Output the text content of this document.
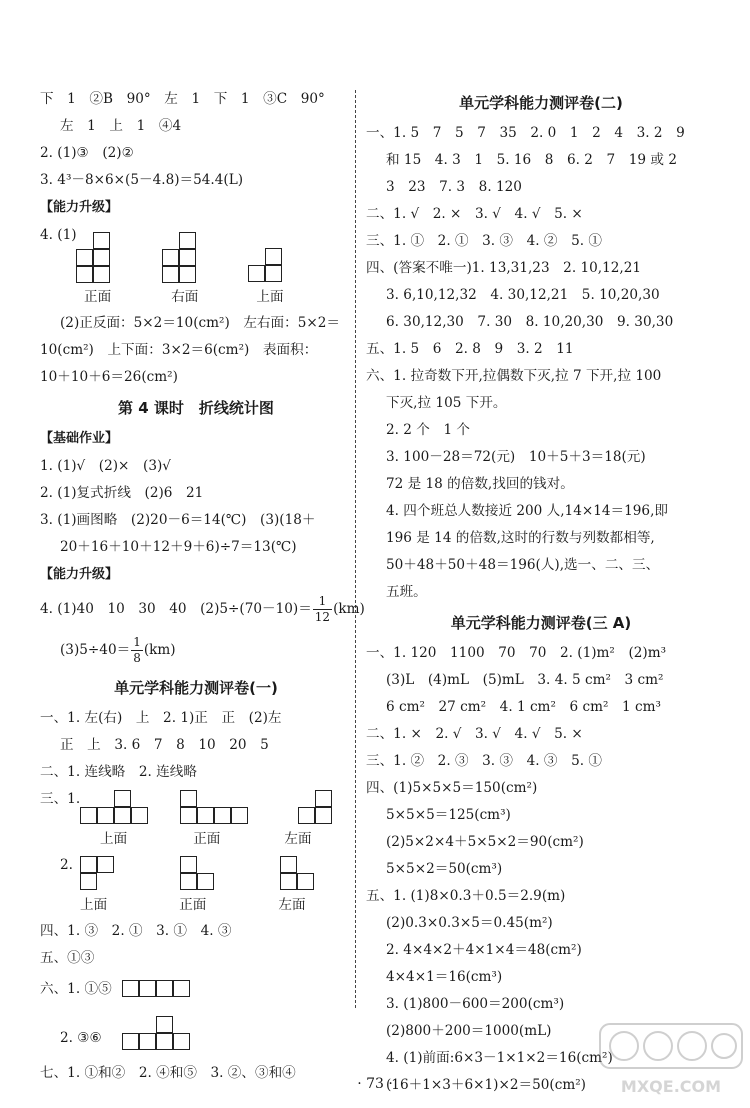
下　1　②B　90°　左　1　下　1　③C　90°
左　1　上　1　④4
2. (1)③　(2)②
3. 4³－8×6×(5－4.8)＝54.4(L)
【能力升级】
4. (1)
正面	右面	上面
(2)正反面：5×2＝10(cm²)　左右面：5×2＝
10(cm²)　上下面：3×2＝6(cm²)　表面积：
10＋10＋6＝26(cm²)
第 4 课时　折线统计图
【基础作业】
1. (1)√　(2)×　(3)√
2. (1)复式折线　(2)6　21
3. (1)画图略　(2)20－6＝14(℃)　(3)(18＋
20＋16＋10＋12＋9＋6)÷7＝13(℃)
【能力升级】
4. (1)40　10　30　40　$(2)5\div(70-10)= \frac{1}{12} (km)$
$(3)5\div 40= \frac{1}{8} (km)$
单元学科能力测评卷(一)
一、1. 左(右)　上　2. 1)正　正　(2)左
正　上　3. 6　7　8　10　20　5
二、1. 连线略　2. 连线略
三、1.
上面	正面	左面
2.
上面	正面	左面
四、1. ③　2. ①　3. ①　4. ③
五、①③
六、1. ①⑤
2. ③⑥
七、1. ①和②　2. ④和⑤　3. ②、③和④
单元学科能力测评卷(二)
一、1. 5　7　5　7　35　2. 0　1　2　4　3. 2　9
和 15　4. 3　1　5. 16　8　6. 2　7　19 或 2
3　23　7. 3　8. 120
二、1. √　2. ×　3. √　4. √　5. ×
三、1. ①　2. ①　3. ③　4. ②　5. ①
四、(答案不唯一)1. 13,31,23　2. 10,12,21
3. 6,10,12,32　4. 30,12,21　5. 10,20,30
6. 30,12,30　7. 30　8. 10,20,30　9. 30,30
五、1. 5　6　2. 8　9　3. 2　11
六、1. 拉奇数下开,拉偶数下灭,拉 7 下开,拉 100
下灭,拉 105 下开。
2. 2 个　1 个
3. 100－28＝72(元)　10＋5＋3＝18(元)
72 是 18 的倍数,找回的钱对。
4. 四个班总人数接近 200 人,14×14＝196,即
196 是 14 的倍数,这时的行数与列数都相等,
50＋48＋50＋48＝196(人),选一、二、三、
五班。
单元学科能力测评卷(三 A)
一、1. 120　1100　70　70　2. (1)m²　(2)m³
(3)L　(4)mL　(5)mL　3. 4. 5 cm²　3 cm²
6 cm²　27 cm²　4. 1 cm²　6 cm²　1 cm³
二、1. ×　2. √　3. √　4. √　5. ×
三、1. ②　2. ③　3. ③　4. ③　5. ①
四、(1)5×5×5＝150(cm²)
5×5×5＝125(cm³)
(2)5×2×4＋5×5×2＝90(cm²)
5×5×2＝50(cm³)
五、1. (1)8×0.3＋0.5＝2.9(m)
(2)0.3×0.3×5＝0.45(m²)
2. 4×4×2＋4×1×4＝48(cm²)
4×4×1＝16(cm³)
3. (1)800－600＝200(cm³)
(2)800＋200＝1000(mL)
4. (1)前面:6×3－1×1×2＝16(cm²)
(16＋1×3＋6×1)×2＝50(cm²)
· 73 ·	MXQE.COM
